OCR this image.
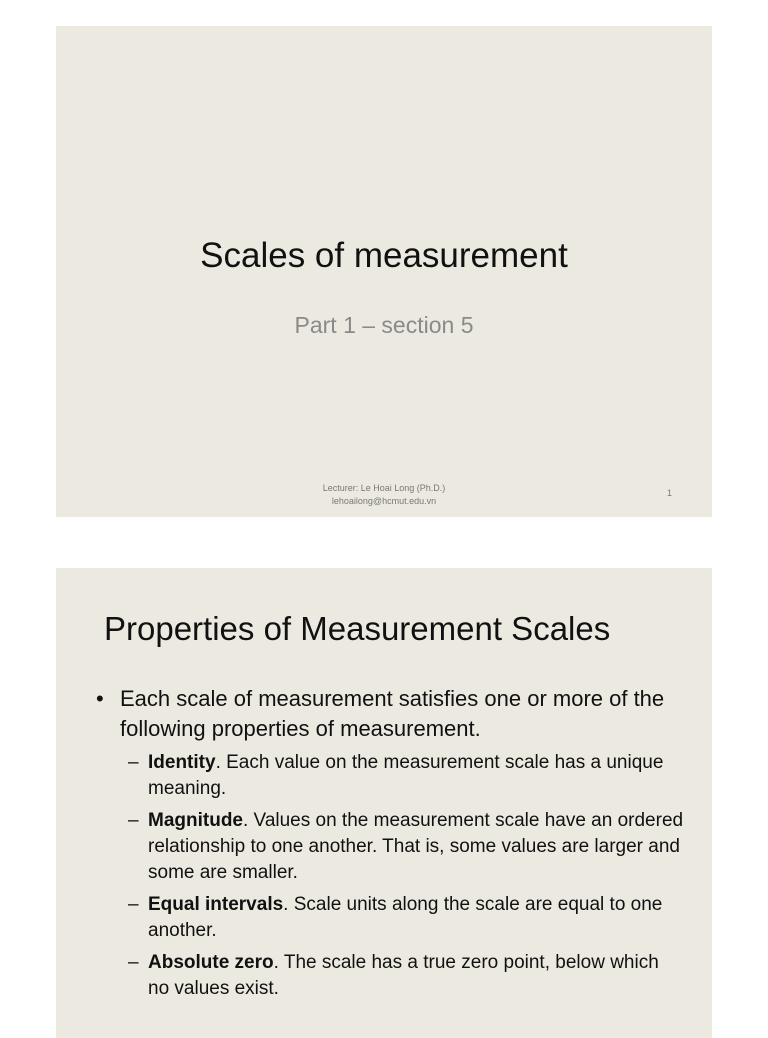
Scales of measurement
Part 1 – section 5
Lecturer: Le Hoai Long (Ph.D.)
lehoailong@hcmut.edu.vn
1
Properties of Measurement Scales
• Each scale of measurement satisfies one or more of the following properties of measurement.
– Identity. Each value on the measurement scale has a unique meaning.
– Magnitude. Values on the measurement scale have an ordered relationship to one another. That is, some values are larger and some are smaller.
– Equal intervals. Scale units along the scale are equal to one another.
– Absolute zero. The scale has a true zero point, below which no values exist.
